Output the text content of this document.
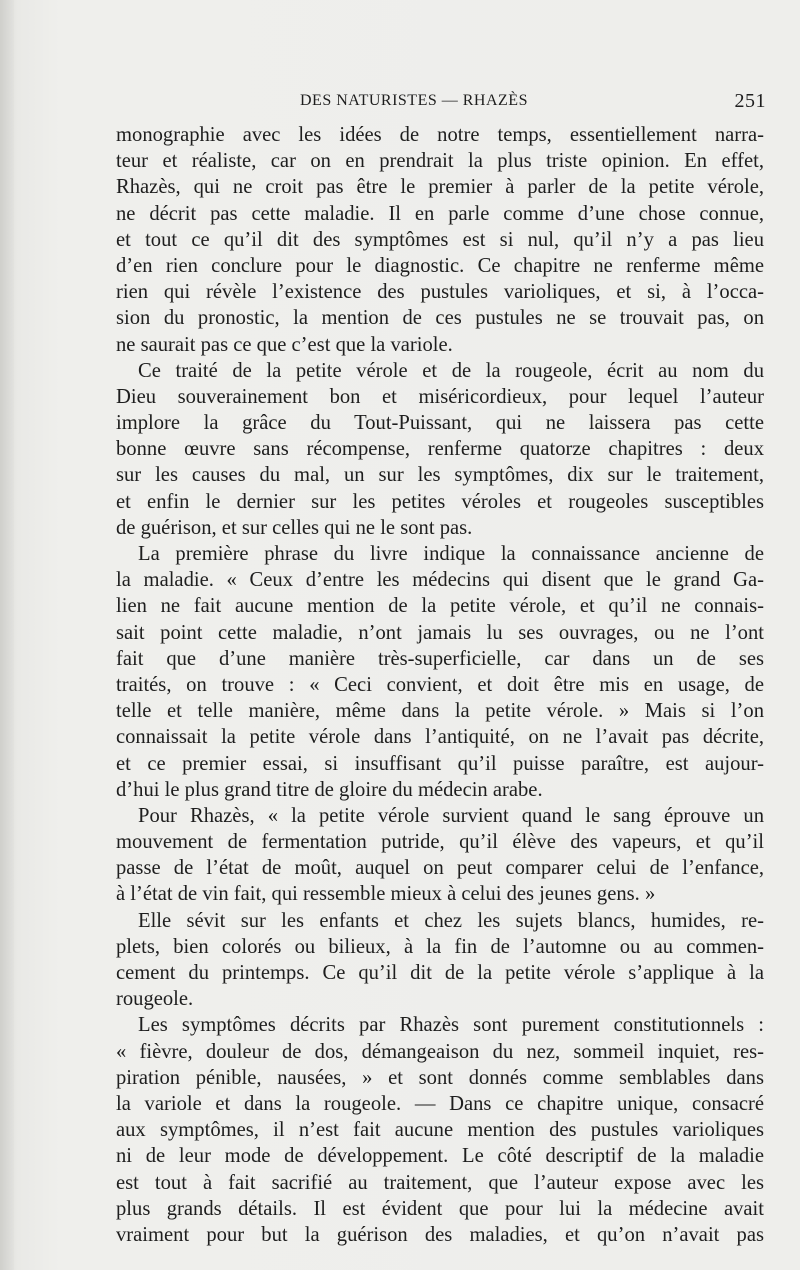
DES NATURISTES — RHAZÈS	251
monographie avec les idées de notre temps, essentiellement narra-
teur et réaliste, car on en prendrait la plus triste opinion. En effet,
Rhazès, qui ne croit pas être le premier à parler de la petite vérole,
ne décrit pas cette maladie. Il en parle comme d’une chose connue,
et tout ce qu’il dit des symptômes est si nul, qu’il n’y a pas lieu
d’en rien conclure pour le diagnostic. Ce chapitre ne renferme même
rien qui révèle l’existence des pustules varioliques, et si, à l’occa-
sion du pronostic, la mention de ces pustules ne se trouvait pas, on
ne saurait pas ce que c’est que la variole.
Ce traité de la petite vérole et de la rougeole, écrit au nom du
Dieu souverainement bon et miséricordieux, pour lequel l’auteur
implore la grâce du Tout-Puissant, qui ne laissera pas cette
bonne œuvre sans récompense, renferme quatorze chapitres : deux
sur les causes du mal, un sur les symptômes, dix sur le traitement,
et enfin le dernier sur les petites véroles et rougeoles susceptibles
de guérison, et sur celles qui ne le sont pas.
La première phrase du livre indique la connaissance ancienne de
la maladie. « Ceux d’entre les médecins qui disent que le grand Ga-
lien ne fait aucune mention de la petite vérole, et qu’il ne connais-
sait point cette maladie, n’ont jamais lu ses ouvrages, ou ne l’ont
fait que d’une manière très-superficielle, car dans un de ses
traités, on trouve : « Ceci convient, et doit être mis en usage, de
telle et telle manière, même dans la petite vérole. » Mais si l’on
connaissait la petite vérole dans l’antiquité, on ne l’avait pas décrite,
et ce premier essai, si insuffisant qu’il puisse paraître, est aujour-
d’hui le plus grand titre de gloire du médecin arabe.
Pour Rhazès, « la petite vérole survient quand le sang éprouve un
mouvement de fermentation putride, qu’il élève des vapeurs, et qu’il
passe de l’état de moût, auquel on peut comparer celui de l’enfance,
à l’état de vin fait, qui ressemble mieux à celui des jeunes gens. »
Elle sévit sur les enfants et chez les sujets blancs, humides, re-
plets, bien colorés ou bilieux, à la fin de l’automne ou au commen-
cement du printemps. Ce qu’il dit de la petite vérole s’applique à la
rougeole.
Les symptômes décrits par Rhazès sont purement constitutionnels :
« fièvre, douleur de dos, démangeaison du nez, sommeil inquiet, res-
piration pénible, nausées, » et sont donnés comme semblables dans
la variole et dans la rougeole. — Dans ce chapitre unique, consacré
aux symptômes, il n’est fait aucune mention des pustules varioliques
ni de leur mode de développement. Le côté descriptif de la maladie
est tout à fait sacrifié au traitement, que l’auteur expose avec les
plus grands détails. Il est évident que pour lui la médecine avait
vraiment pour but la guérison des maladies, et qu’on n’avait pas
